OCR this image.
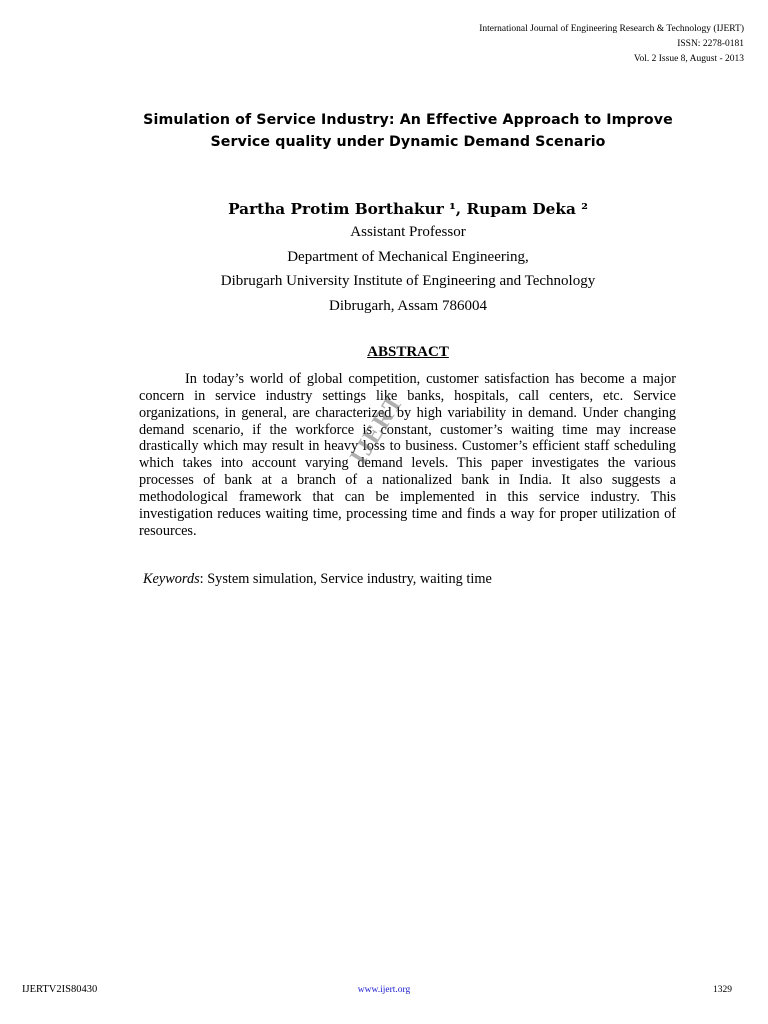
International Journal of Engineering Research & Technology (IJERT)
ISSN: 2278-0181
Vol. 2 Issue 8, August - 2013
Simulation of Service Industry: An Effective Approach to Improve
Service quality under Dynamic Demand Scenario
Partha Protim Borthakur ¹, Rupam Deka ²
Assistant Professor
Department of Mechanical Engineering,
Dibrugarh University Institute of Engineering and Technology
Dibrugarh, Assam 786004
ABSTRACT

In today’s world of global competition, customer satisfaction has become a major concern in service industry settings like banks, hospitals, call centers, etc. Service organizations, in general, are characterized by high variability in demand. Under changing demand scenario, if the workforce is constant, customer’s waiting time may increase drastically which may result in heavy loss to business. Customer’s efficient staff scheduling which takes into account varying demand levels. This paper investigates the various processes of bank at a branch of a nationalized bank in India. It also suggests a methodological framework that can be implemented in this service industry. This investigation reduces waiting time, processing time and finds a way for proper utilization of resources.

IJERT
Keywords: System simulation, Service industry, waiting time
IJERTV2IS80430	www.ijert.org	1329
